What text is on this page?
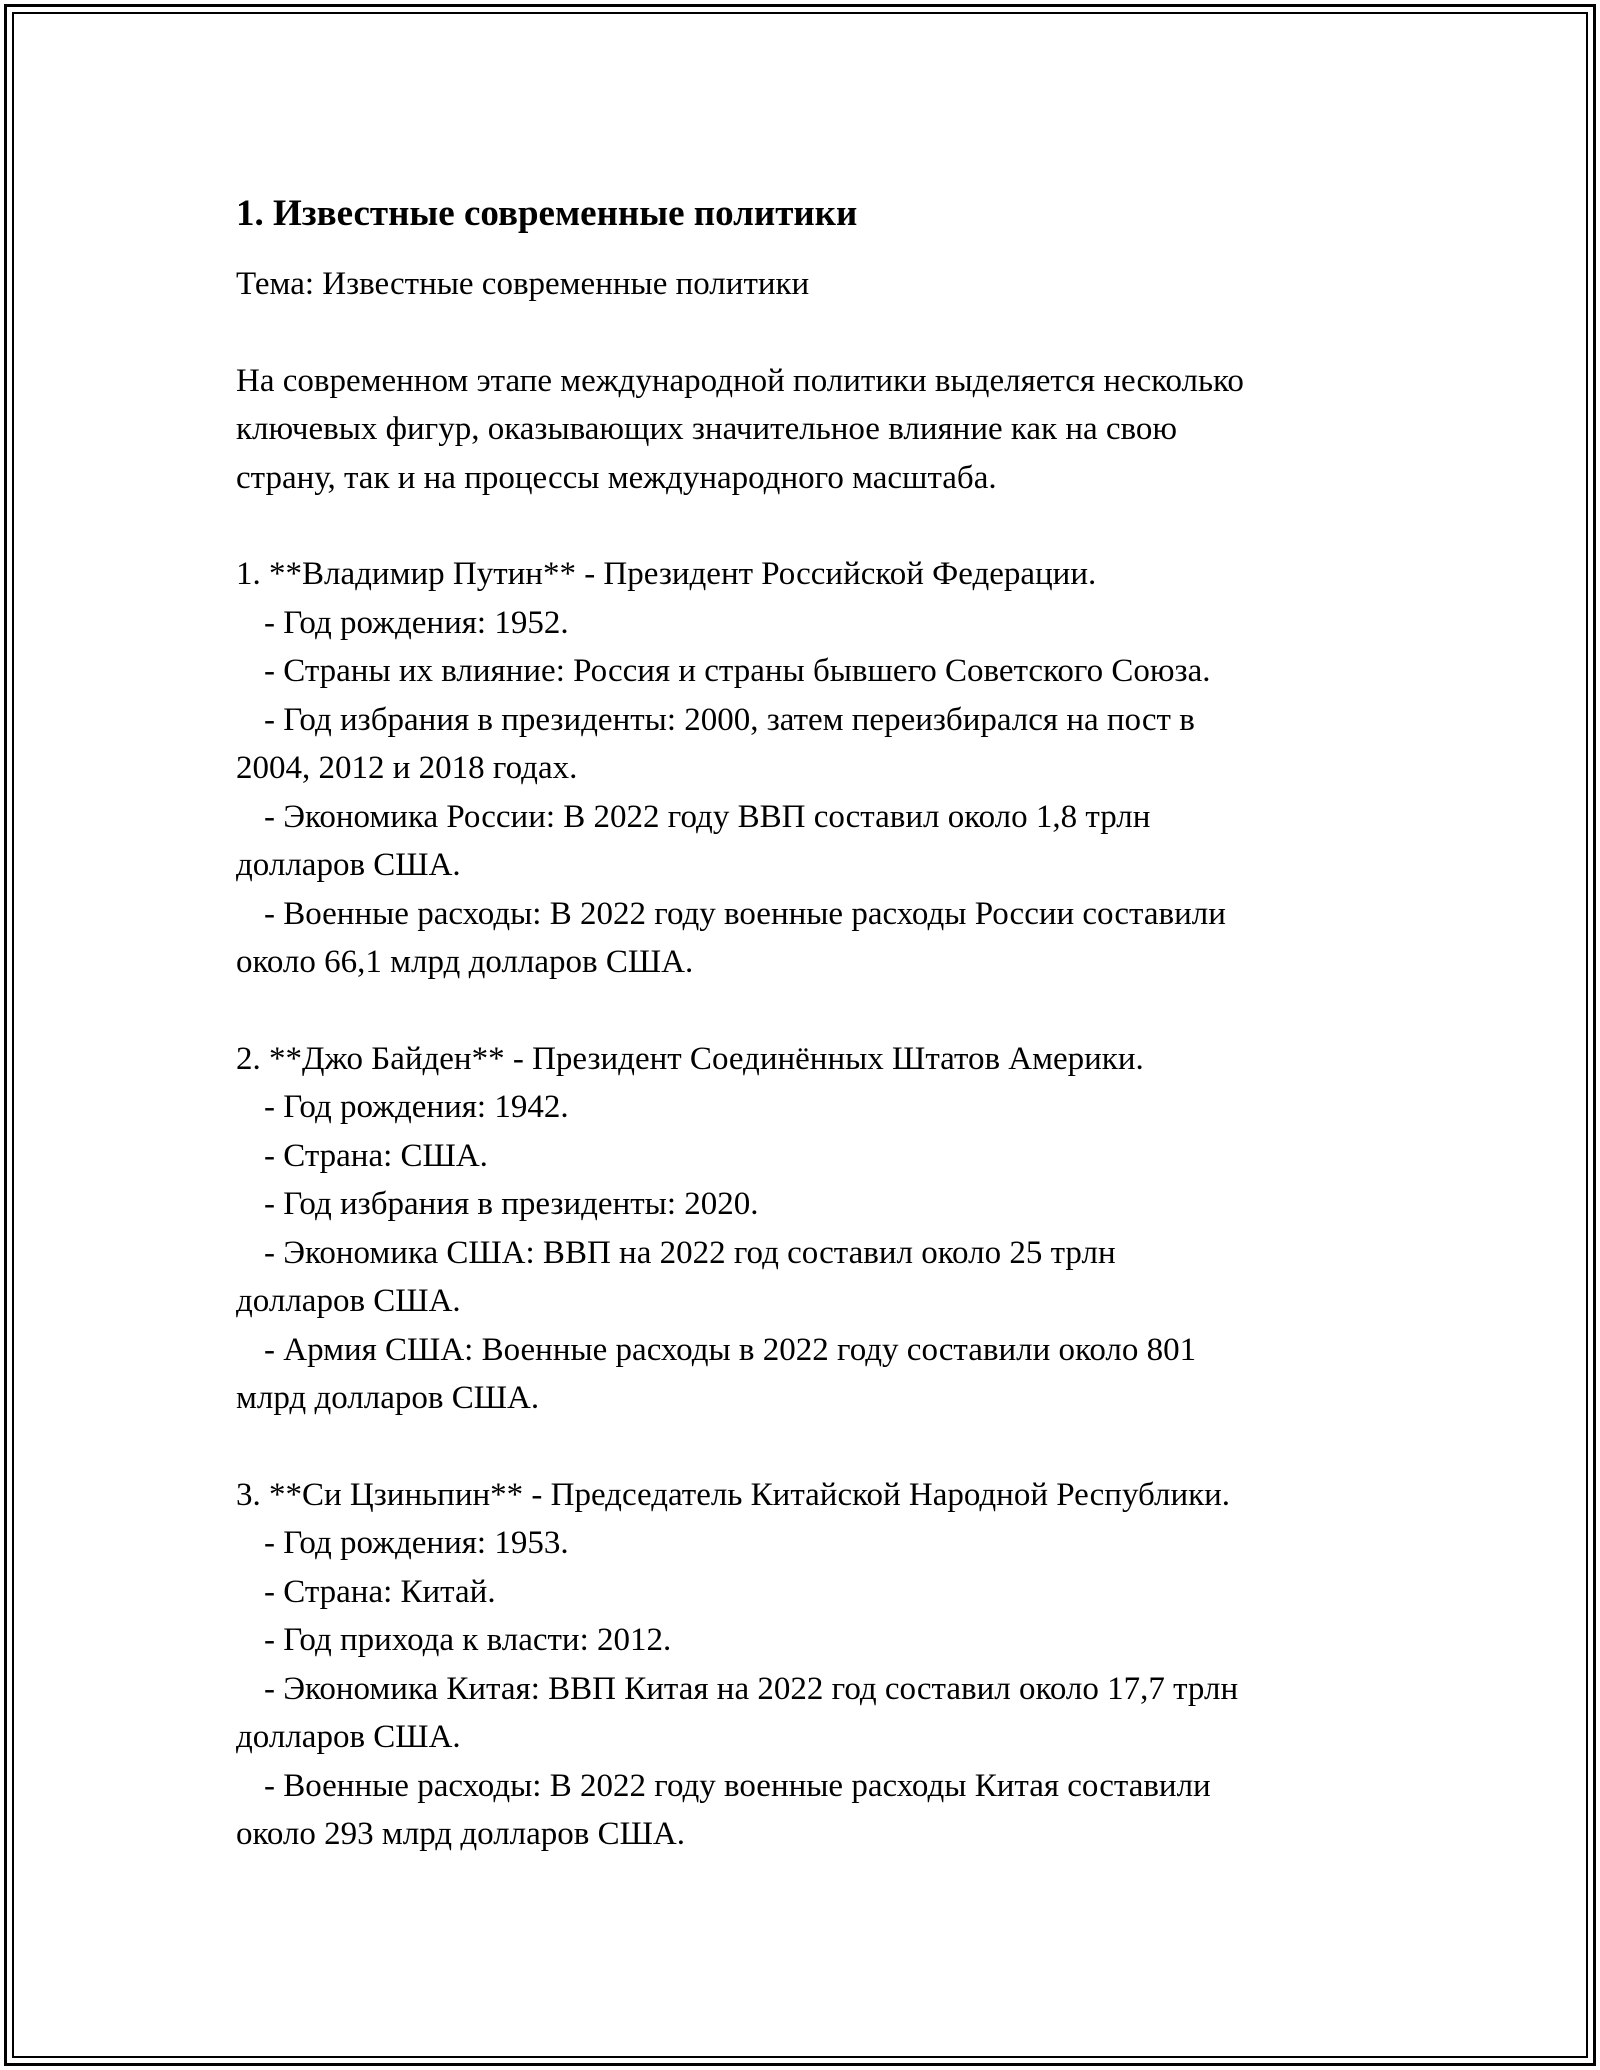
1. Известные современные политики

Тема: Известные современные политики

На современном этапе международной политики выделяется несколько

ключевых фигур, оказывающих значительное влияние как на свою

страну, так и на процессы международного масштаба.

1. **Владимир Путин** - Президент Российской Федерации.

- Год рождения: 1952.

- Страны их влияние: Россия и страны бывшего Советского Союза.

- Год избрания в президенты: 2000, затем переизбирался на пост в

2004, 2012 и 2018 годах.

- Экономика России: В 2022 году ВВП составил около 1,8 трлн

долларов США.

- Военные расходы: В 2022 году военные расходы России составили

около 66,1 млрд долларов США.

2. **Джо Байден** - Президент Соединённых Штатов Америки.

- Год рождения: 1942.

- Страна: США.

- Год избрания в президенты: 2020.

- Экономика США: ВВП на 2022 год составил около 25 трлн

долларов США.

- Армия США: Военные расходы в 2022 году составили около 801

млрд долларов США.

3. **Си Цзиньпин** - Председатель Китайской Народной Республики.

- Год рождения: 1953.

- Страна: Китай.

- Год прихода к власти: 2012.

- Экономика Китая: ВВП Китая на 2022 год составил около 17,7 трлн

долларов США.

- Военные расходы: В 2022 году военные расходы Китая составили

около 293 млрд долларов США.
